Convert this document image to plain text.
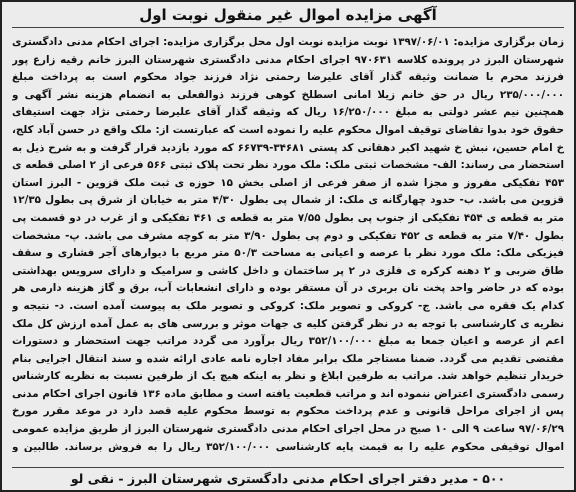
آگهی مزایده اموال غیر منقول نوبت اول
زمان برگزاری مزایده: ۱۳۹۷/۰۶/۰۱ نوبت مزایده نوبت اول محل برگزاری مزایده: اجرای احکام مدنی دادگستری شهرستان البرز در پرونده کلاسه ۹۷۰۶۳۱ اجرای احکام مدنی دادگستری شهرستان البرز خانم رقیه زارع پور فرزند محرم با ضمانت وثیقه گذار آقای علیرضا رحمتی نژاد فرزند جواد محکوم است به پرداخت مبلغ ۲۳۵/۰۰۰/۰۰۰ ریال در حق خانم زیلا امانی اسطلخ کوهی فرزند ذوالفعلی به انضمام هزینه نشر آگهی و همچنین نیم عشر دولتی به مبلغ ۱۶/۲۵۰/۰۰۰ ریال که وثیقه گذار آقای علیرضا رحمتی نژاد جهت استیفای حقوق خود بدوا تقاضای توقیف اموال محکوم علیه را نموده است که عبارتست از: ملک واقع در حسن آباد کلج، خ امام حسین، نبش خ شهید اکبر دهقانی کد پستی ۳۴۶۸۱-۶۶۷۳۹ که مورد بازدید قرار گرفت و به شرح ذیل به استحضار می رساند: الف- مشخصات ثبتی ملک: ملک مورد نظر تحت پلاک ثبتی ۵۶۶ فرعی از ۲ اصلی قطعه ی ۴۵۳ تفکیکی مفروز و مجزا شده از صفر فرعی از اصلی بخش ۱۵ حوزه ی ثبت ملک قزوین - البرز استان قزوین می باشد. ب- حدود چهارگانه ی ملک: از شمال پی بطول ۴/۳۰ متر به خیابان از شرق پی بطول ۱۲/۳۵ متر به قطعه ی ۴۵۴ تفکیکی از جنوب پی بطول ۷/۵۵ متر به قطعه ی ۴۶۱ تفکیکی و از غرب در دو قسمت پی بطول ۷/۴۰ متر به قطعه ی ۴۵۲ تفکیکی و دوم پی بطول ۳/۹۰ متر به کوچه مشرف می باشد. پ- مشخصات فیزیکی ملک: ملک مورد نظر با عرصه و اعیانی به مساحت ۵۰/۳ متر مربع با دیوارهای آجر فشاری و سقف طاق ضربی و ۲ دهنه کرکره ی فلزی در ۲ پر ساختمان و داخل کاشی و سرامیک و دارای سرویس بهداشتی بوده که در حاضر واحد پخت نان بربری در آن مستقر بوده و دارای انشعابات آب، برق و گاز هزینه دارمی هر کدام یک فقره می باشد. ج- کروکی و تصویر ملک: کروکی و تصویر ملک به پیوست آمده است. د- نتیجه و نظریه ی کارشناسی با توجه به در نظر گرفتن کلیه ی جهات موثر و بررسی های به عمل آمده ارزش کل ملک اعم از عرصه و اعیان جمعا به مبلغ ۳۵۲/۱۰۰/۰۰۰ ریال برآورد می گردد مراتب جهت استحضار و دستورات مقتضی تقدیم می گردد. ضمنا مستاجر ملک برابر مفاد اجاره نامه عادی ارائه شده و سند انتقال اجرایی بنام خریدار تنظیم خواهد شد. مراتب به طرفین ابلاغ و نظر به اینکه هیچ یک از طرفین نسبت به نظریه کارشناس رسمی دادگستری اعتراض ننموده اند و مراتب قطعیت یافته است و مطابق ماده ۱۳۶ قانون اجرای احکام مدنی پس از اجرای مراحل قانونی و عدم پرداخت محکوم به توسط محکوم علیه قصد دارد در موعد مقرر مورخ ۹۷/۰۶/۲۹ ساعت ۹ الی ۱۰ صبح در محل اجرای احکام مدنی دادگستری شهرستان البرز از طریق مزایده عمومی اموال توقیفی محکوم علیه را به قیمت پایه کارشناسی ۳۵۲/۱۰۰/۰۰۰ ریال را به فروش برساند. طالبین و
۵۰۰ - مدیر دفتر اجرای احکام مدنی دادگستری شهرستان البرز - نقی لو
